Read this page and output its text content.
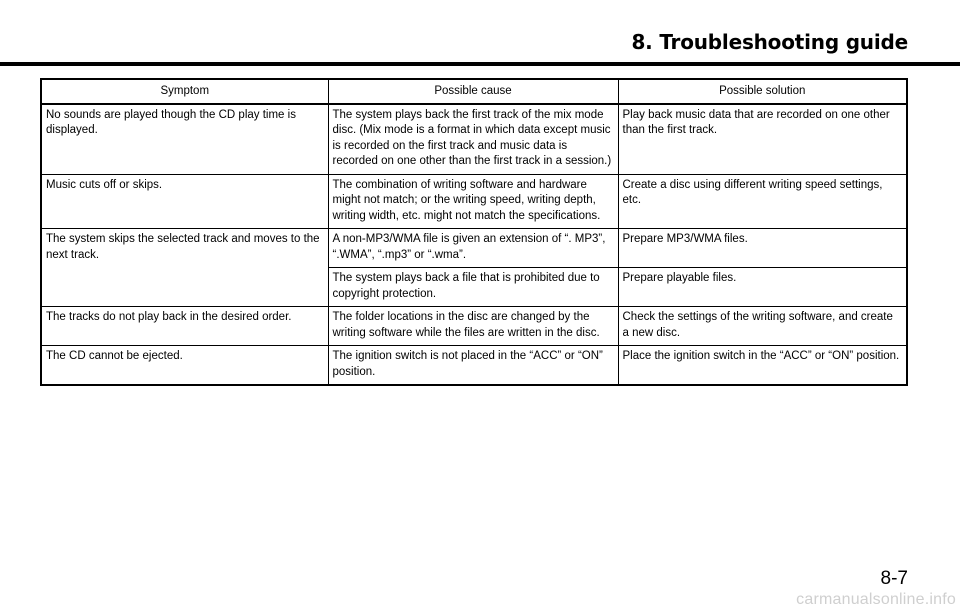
8. Troubleshooting guide
Symptom	Possible cause	Possible solution
No sounds are played though the CD play time is displayed.	The system plays back the first track of the mix mode disc. (Mix mode is a format in which data except music is recorded on the first track and music data is recorded on one other than the first track in a session.)	Play back music data that are recorded on one other than the first track.
Music cuts off or skips.	The combination of writing software and hardware might not match; or the writing speed, writing depth, writing width, etc. might not match the specifications.	Create a disc using different writing speed settings, etc.
The system skips the selected track and moves to the next track.	A non-MP3/WMA file is given an extension of “. MP3”, “.WMA”, “.mp3” or “.wma”.	Prepare MP3/WMA files.
	The system plays back a file that is prohibited due to copyright protection.	Prepare playable files.
The tracks do not play back in the desired order.	The folder locations in the disc are changed by the writing software while the files are written in the disc.	Check the settings of the writing software, and create a new disc.
The CD cannot be ejected.	The ignition switch is not placed in the “ACC” or “ON” position.	Place the ignition switch in the “ACC” or “ON” position.
8-7
carmanualsonline.info
